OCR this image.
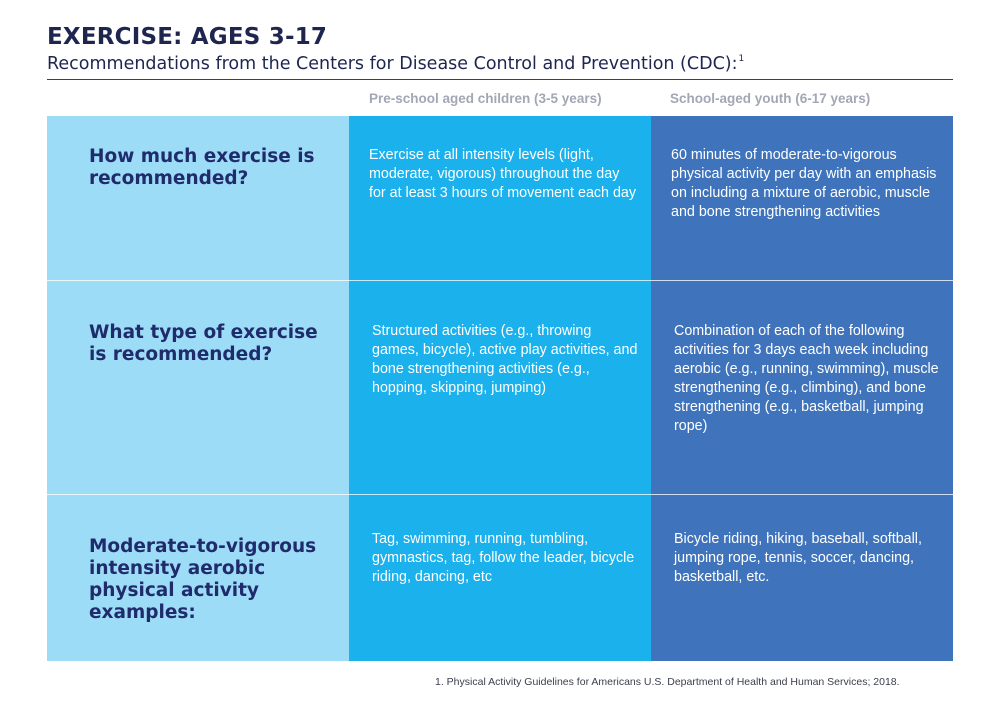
EXERCISE: AGES 3-17
Recommendations from the Centers for Disease Control and Prevention (CDC):$^1$
Pre-school aged children (3-5 years)	School-aged youth (6-17 years)
How much exercise is recommended?
Exercise at all intensity levels (light, moderate, vigorous) throughout the day for at least 3 hours of movement each day
60 minutes of moderate-to-vigorous physical activity per day with an emphasis on including a mixture of aerobic, muscle and bone strengthening activities
What type of exercise is recommended?
Structured activities (e.g., throwing games, bicycle), active play activities, and bone strengthening activities (e.g., hopping, skipping, jumping)
Combination of each of the following activities for 3 days each week including aerobic (e.g., running, swimming), muscle strengthening (e.g., climbing), and bone strengthening (e.g., basketball, jumping rope)
Moderate-to-vigorous intensity aerobic physical activity examples:
Tag, swimming, running, tumbling, gymnastics, tag, follow the leader, bicycle riding, dancing, etc
Bicycle riding, hiking, baseball, softball, jumping rope, tennis, soccer, dancing, basketball, etc.
1. Physical Activity Guidelines for Americans U.S. Department of Health and Human Services; 2018.
